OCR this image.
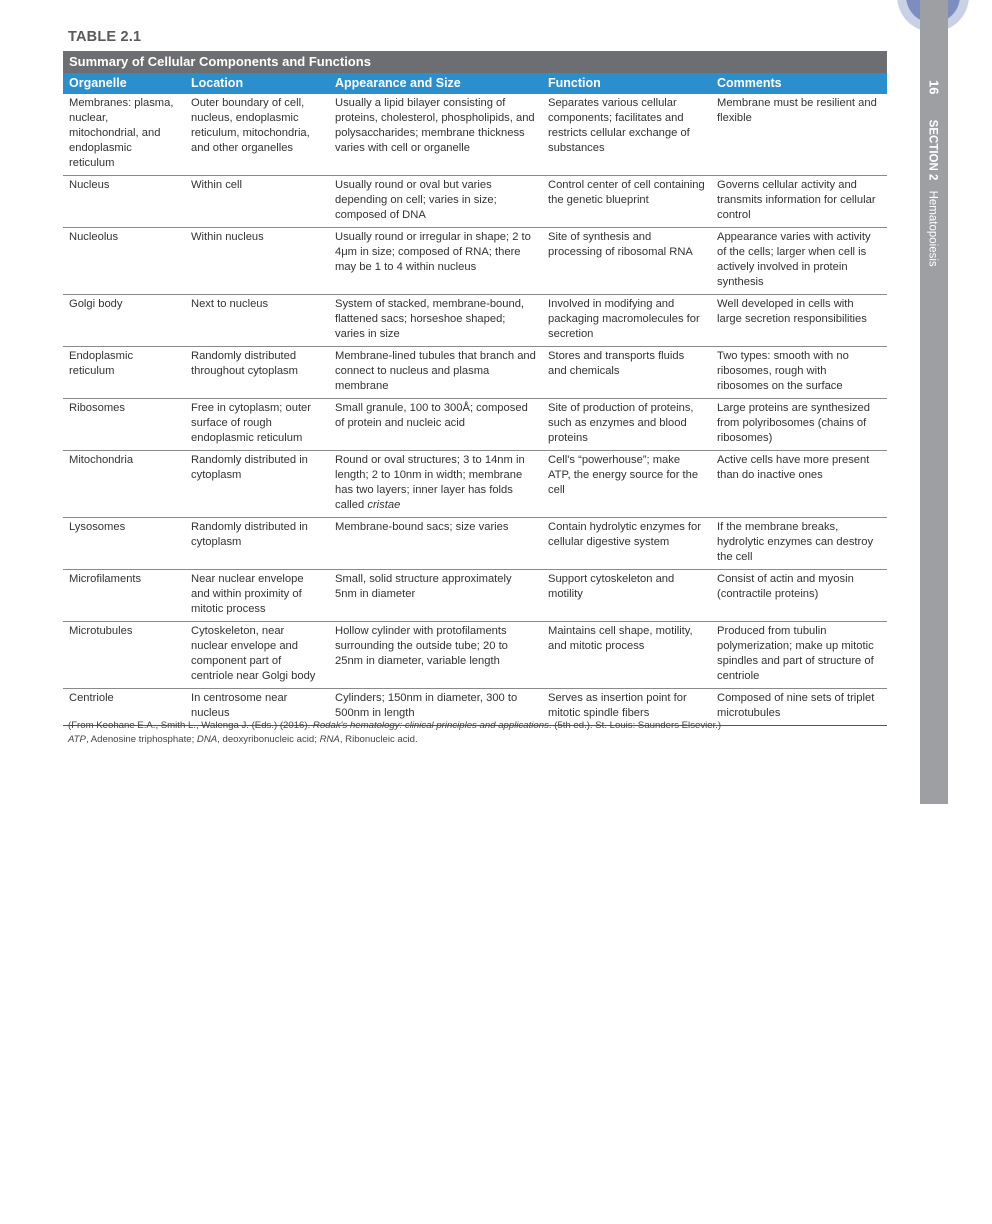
16 SECTION 2 Hematopoiesis
TABLE 2.1
Summary of Cellular Components and Functions
Organelle	Location	Appearance and Size	Function	Comments
Membranes: plasma, nuclear, mitochondrial, and endoplasmic reticulum	Outer boundary of cell, nucleus, endoplasmic reticulum, mitochondria, and other organelles	Usually a lipid bilayer consisting of proteins, cholesterol, phospholipids, and polysaccharides; membrane thickness varies with cell or organelle	Separates various cellular components; facilitates and restricts cellular exchange of substances	Membrane must be resilient and flexible
Nucleus	Within cell	Usually round or oval but varies depending on cell; varies in size; composed of DNA	Control center of cell containing the genetic blueprint	Governs cellular activity and transmits information for cellular control
Nucleolus	Within nucleus	Usually round or irregular in shape; 2 to 4μm in size; composed of RNA; there may be 1 to 4 within nucleus	Site of synthesis and processing of ribosomal RNA	Appearance varies with activity of the cells; larger when cell is actively involved in protein synthesis
Golgi body	Next to nucleus	System of stacked, membrane-bound, flattened sacs; horseshoe shaped; varies in size	Involved in modifying and packaging macromolecules for secretion	Well developed in cells with large secretion responsibilities
Endoplasmic reticulum	Randomly distributed throughout cytoplasm	Membrane-lined tubules that branch and connect to nucleus and plasma membrane	Stores and transports fluids and chemicals	Two types: smooth with no ribosomes, rough with ribosomes on the surface
Ribosomes	Free in cytoplasm; outer surface of rough endoplasmic reticulum	Small granule, 100 to 300Å; composed of protein and nucleic acid	Site of production of proteins, such as enzymes and blood proteins	Large proteins are synthesized from polyribosomes (chains of ribosomes)
Mitochondria	Randomly distributed in cytoplasm	Round or oval structures; 3 to 14nm in length; 2 to 10nm in width; membrane has two layers; inner layer has folds called cristae	Cell's “powerhouse”; make ATP, the energy source for the cell	Active cells have more present than do inactive ones
Lysosomes	Randomly distributed in cytoplasm	Membrane-bound sacs; size varies	Contain hydrolytic enzymes for cellular digestive system	If the membrane breaks, hydrolytic enzymes can destroy the cell
Microfilaments	Near nuclear envelope and within proximity of mitotic process	Small, solid structure approximately 5nm in diameter	Support cytoskeleton and motility	Consist of actin and myosin (contractile proteins)
Microtubules	Cytoskeleton, near nuclear envelope and component part of centriole near Golgi body	Hollow cylinder with protofilaments surrounding the outside tube; 20 to 25nm in diameter, variable length	Maintains cell shape, motility, and mitotic process	Produced from tubulin polymerization; make up mitotic spindles and part of structure of centriole
Centriole	In centrosome near nucleus	Cylinders; 150nm in diameter, 300 to 500nm in length	Serves as insertion point for mitotic spindle fibers	Composed of nine sets of triplet microtubules
(From Keohane E.A., Smith L., Walenga J. (Eds.) (2016). Rodak's hematology: clinical principles and applications. (5th ed.). St. Louis: Saunders Elsevier.)
ATP, Adenosine triphosphate; DNA, deoxyribonucleic acid; RNA, Ribonucleic acid.
